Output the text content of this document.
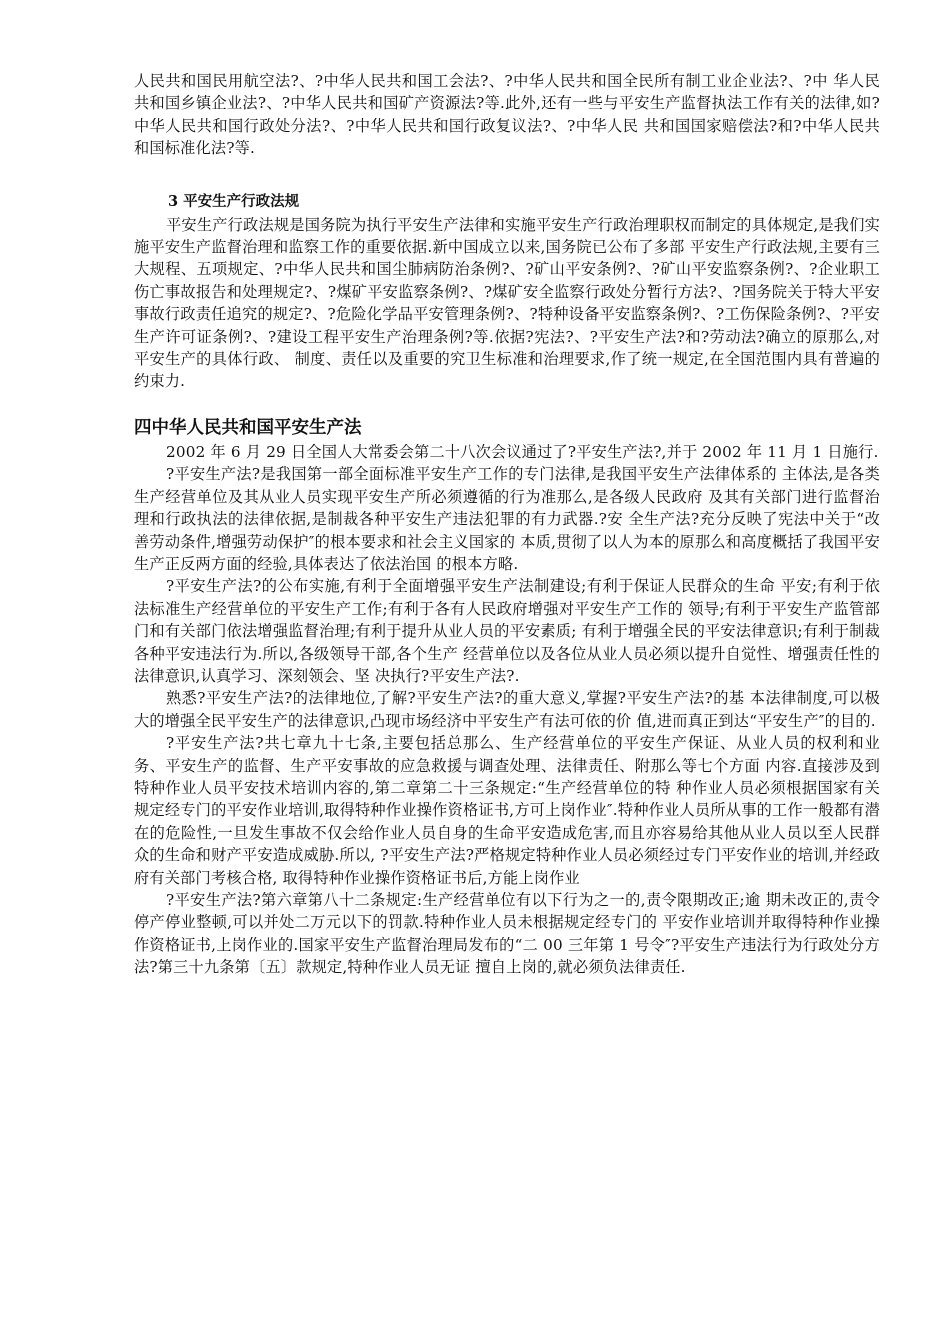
人民共和国民用航空法?、?中华人民共和国工会法?、?中华人民共和国全民所有制工业企业法?、?中 华人民共和国乡镇企业法?、?中华人民共和国矿产资源法?等.此外,还有一些与平安生产监督执法工作有关的法律,如?中华人民共和国行政处分法?、?中华人民共和国行政复议法?、?中华人民 共和国国家赔偿法?和?中华人民共和国标准化法?等.

3 平安生产行政法规

平安生产行政法规是国务院为执行平安生产法律和实施平安生产行政治理职权而制定的具体规定,是我们实施平安生产监督治理和监察工作的重要依据.新中国成立以来,国务院已公布了多部 平安生产行政法规,主要有三大规程、五项规定、?中华人民共和国尘肺病防治条例?、?矿山平安条例?、?矿山平安监察条例?、?企业职工伤亡事故报告和处理规定?、?煤矿平安监察条例?、?煤矿安全监察行政处分暂行方法?、?国务院关于特大平安事故行政责任追究的规定?、?危险化学品平安管理条例?、?特种设备平安监察条例?、?工伤保险条例?、?平安生产许可证条例?、?建设工程平安生产治理条例?等.依据?宪法?、?平安生产法?和?劳动法?确立的原那么,对平安生产的具体行政、 制度、责任以及重要的究卫生标准和治理要求,作了统一规定,在全国范围内具有普遍的约束力.

四中华人民共和国平安生产法

2002 年 6 月 29 日全国人大常委会第二十八次会议通过了?平安生产法?,并于 2002 年 11 月 1 日施行.

?平安生产法?是我国第一部全面标准平安生产工作的专门法律,是我国平安生产法律体系的 主体法,是各类生产经营单位及其从业人员实现平安生产所必须遵循的行为准那么,是各级人民政府 及其有关部门进行监督治理和行政执法的法律依据,是制裁各种平安生产违法犯罪的有力武器.?安 全生产法?充分反映了宪法中关于“改善劳动条件,增强劳动保护″的根本要求和社会主义国家的 本质,贯彻了以人为本的原那么和高度概括了我国平安生产正反两方面的经验,具体表达了依法治国 的根本方略.

?平安生产法?的公布实施,有利于全面增强平安生产法制建设;有利于保证人民群众的生命 平安;有利于依法标准生产经营单位的平安生产工作;有利于各有人民政府增强对平安生产工作的 领导;有利于平安生产监管部门和有关部门依法增强监督治理;有利于提升从业人员的平安素质; 有利于增强全民的平安法律意识;有利于制裁各种平安违法行为.所以,各级领导干部,各个生产 经营单位以及各位从业人员必须以提升自觉性、增强责任性的法律意识,认真学习、深刻领会、坚 决执行?平安生产法?.

熟悉?平安生产法?的法律地位,了解?平安生产法?的重大意义,掌握?平安生产法?的基 本法律制度,可以极大的增强全民平安生产的法律意识,凸现市场经济中平安生产有法可依的价 值,进而真正到达“平安生产″的目的.

?平安生产法?共七章九十七条,主要包括总那么、生产经营单位的平安生产保证、从业人员的权利和业务、平安生产的监督、生产平安事故的应急救援与调查处理、法律责任、附那么等七个方面 内容.直接涉及到特种作业人员平安技术培训内容的,第二章第二十三条规定:“生产经营单位的特 种作业人员必须根据国家有关规定经专门的平安作业培训,取得特种作业操作资格证书,方可上岗作业″.特种作业人员所从事的工作一般都有潜在的危险性,一旦发生事故不仅会给作业人员自身的生命平安造成危害,而且亦容易给其他从业人员以至人民群众的生命和财产平安造成威胁.所以, ?平安生产法?严格规定特种作业人员必须经过专门平安作业的培训,并经政府有关部门考核合格, 取得特种作业操作资格证书后,方能上岗作业

?平安生产法?第六章第八十二条规定:生产经营单位有以下行为之一的,责令限期改正;逾 期未改正的,责令停产停业整顿,可以并处二万元以下的罚款.特种作业人员未根据规定经专门的 平安作业培训并取得特种作业操作资格证书,上岗作业的.国家平安生产监督治理局发布的“二 00 三年第 1 号令″?平安生产违法行为行政处分方法?第三十九条第〔五〕款规定,特种作业人员无证 擅自上岗的,就必须负法律责任.
